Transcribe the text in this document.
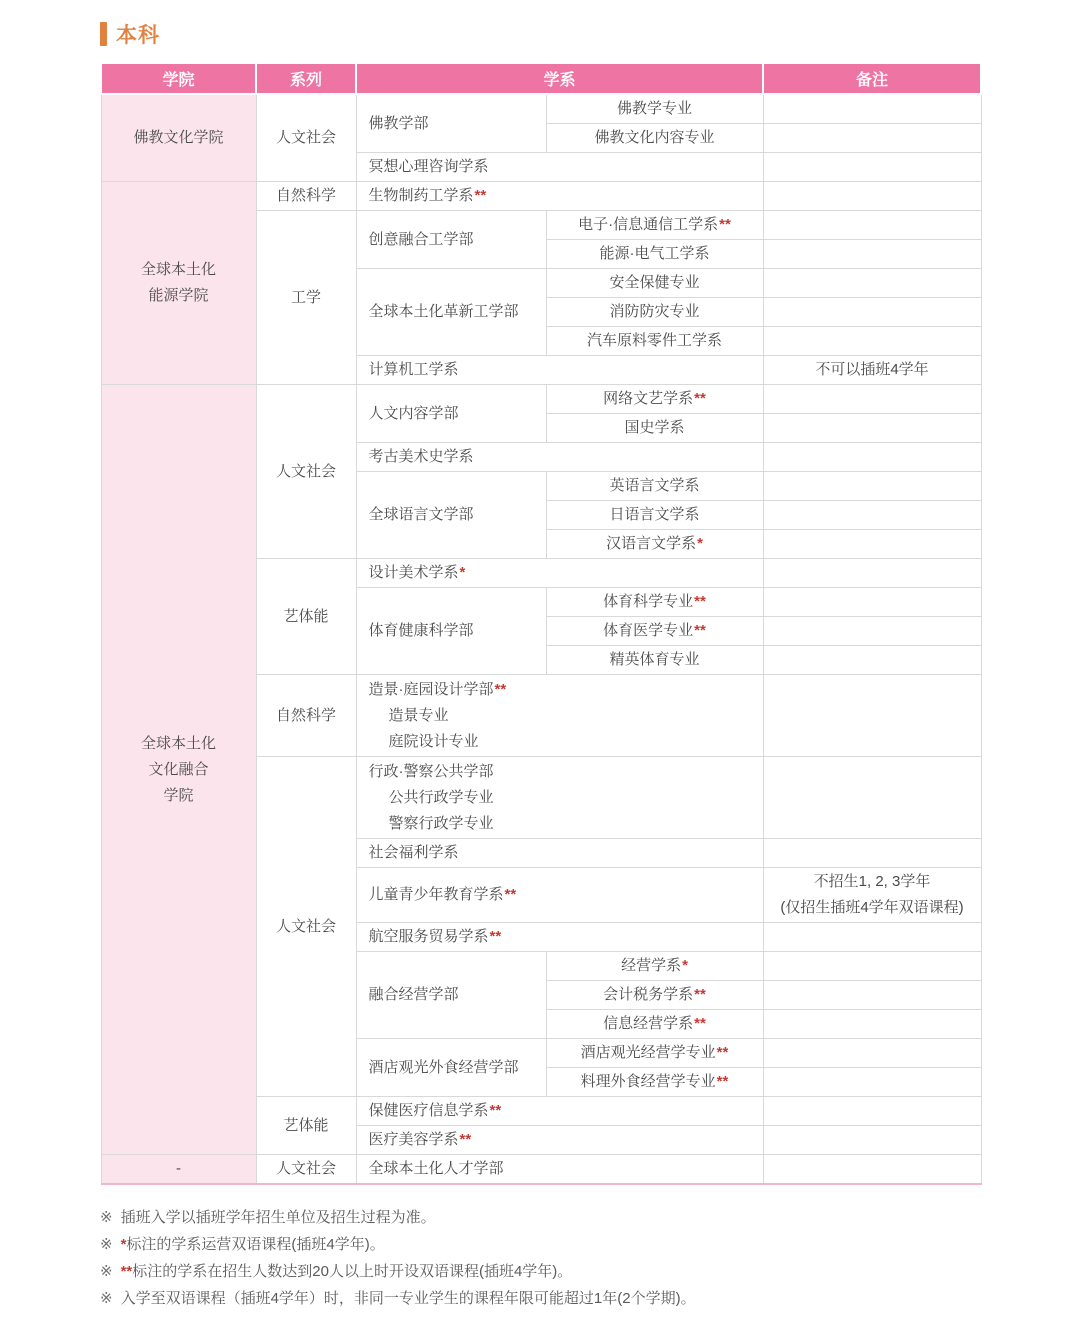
本科
学院	系列	学系		备注

佛教文化学院	人文社会	佛教学部	佛教学专业	

			佛教文化内容专业	

		冥想心理咨询学系		

全球本土化
能源学院	自然科学	生物制药工学系**		

	工学	创意融合工学部	电子·信息通信工学系**	

			能源·电气工学系	

		全球本土化革新工学部	安全保健专业	

			消防防灾专业	

			汽车原料零件工学系	

		计算机工学系		不可以插班4学年

全球本土化
文化融合
学院	人文社会	人文内容学部	网络文艺学系**	

			国史学系	

		考古美术史学系		

		全球语言文学部	英语言文学系	

			日语言文学系	

			汉语言文学系*	

	艺体能	设计美术学系*		

		体育健康科学部	体育科学专业**	

			体育医学专业**	

			精英体育专业	

	自然科学	造景·庭园设计学部**
造景专业
庭院设计专业		

	人文社会	行政·警察公共学部
公共行政学专业
警察行政学专业		

		社会福利学系		

		儿童青少年教育学系**		不招生1, 2, 3学年
(仅招生插班4学年双语课程)

		航空服务贸易学系**		

		融合经营学部	经营学系*	

			会计税务学系**	

			信息经营学系**	

		酒店观光外食经营学部	酒店观光经营学专业**	

			料理外食经营学专业**	

	艺体能	保健医疗信息学系**		

		医疗美容学系**		

-	人文社会	全球本土化人才学部		

※ 插班入学以插班学年招生单位及招生过程为准。
※ *标注的学系运营双语课程(插班4学年)。
※ **标注的学系在招生人数达到20人以上时开设双语课程(插班4学年)。
※ 入学至双语课程（插班4学年）时，非同一专业学生的课程年限可能超过1年(2个学期)。
